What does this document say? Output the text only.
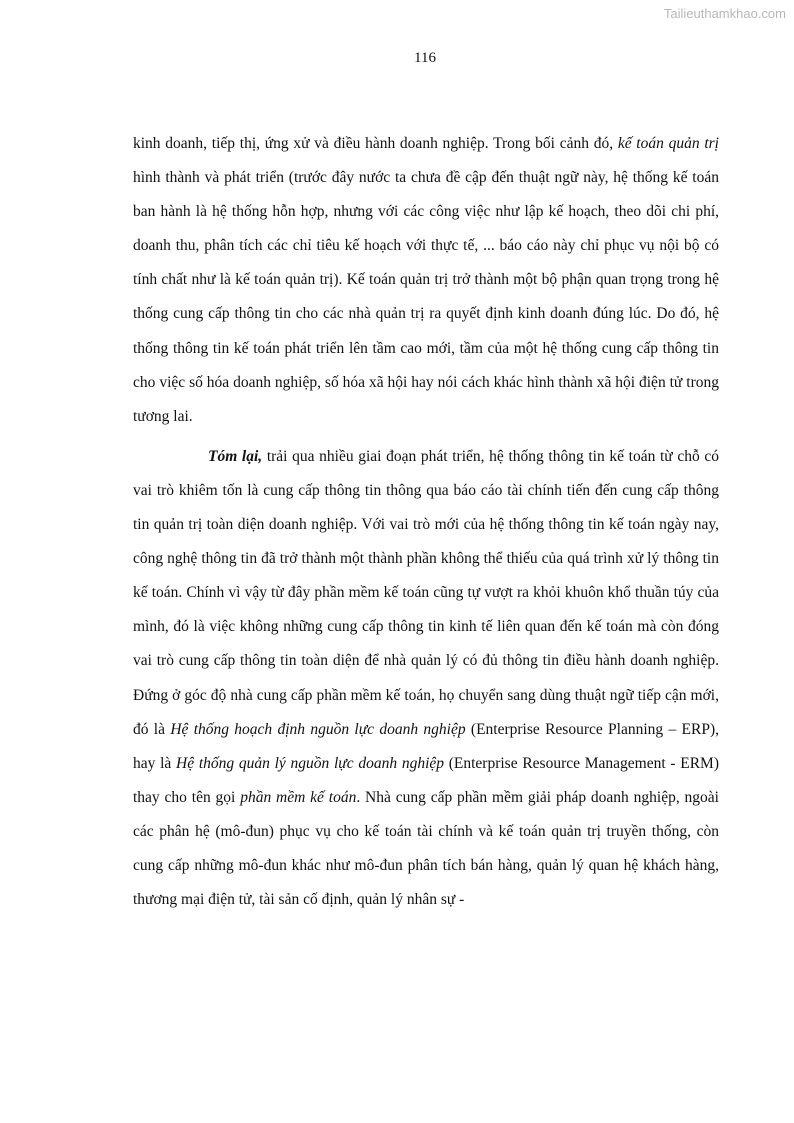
Tailieuthamkhao.com
116

kinh doanh, tiếp thị, ứng xử và điều hành doanh nghiệp. Trong bối cảnh đó, kế toán quản trị hình thành và phát triển (trước đây nước ta chưa đề cập đến thuật ngữ này, hệ thống kế toán ban hành là hệ thống hỗn hợp, nhưng với các công việc như lập kế hoạch, theo dõi chi phí, doanh thu, phân tích các chỉ tiêu kế hoạch với thực tế, ... báo cáo này chỉ phục vụ nội bộ có tính chất như là kế toán quản trị). Kế toán quản trị trở thành một bộ phận quan trọng trong hệ thống cung cấp thông tin cho các nhà quản trị ra quyết định kinh doanh đúng lúc. Do đó, hệ thống thông tin kế toán phát triển lên tầm cao mới, tầm của một hệ thống cung cấp thông tin cho việc số hóa doanh nghiệp, số hóa xã hội hay nói cách khác hình thành xã hội điện tử trong tương lai.

Tóm lại, trải qua nhiều giai đoạn phát triển, hệ thống thông tin kế toán từ chỗ có vai trò khiêm tốn là cung cấp thông tin thông qua báo cáo tài chính tiến đến cung cấp thông tin quản trị toàn diện doanh nghiệp. Với vai trò mới của hệ thống thông tin kế toán ngày nay, công nghệ thông tin đã trở thành một thành phần không thể thiếu của quá trình xử lý thông tin kế toán. Chính vì vậy từ đây phần mềm kế toán cũng tự vượt ra khỏi khuôn khổ thuần túy của mình, đó là việc không những cung cấp thông tin kinh tế liên quan đến kế toán mà còn đóng vai trò cung cấp thông tin toàn diện để nhà quản lý có đủ thông tin điều hành doanh nghiệp. Đứng ở góc độ nhà cung cấp phần mềm kế toán, họ chuyển sang dùng thuật ngữ tiếp cận mới, đó là Hệ thống hoạch định nguồn lực doanh nghiệp (Enterprise Resource Planning – ERP), hay là Hệ thống quản lý nguồn lực doanh nghiệp (Enterprise Resource Management - ERM) thay cho tên gọi phần mềm kế toán. Nhà cung cấp phần mềm giải pháp doanh nghiệp, ngoài các phân hệ (mô-đun) phục vụ cho kế toán tài chính và kế toán quản trị truyền thống, còn cung cấp những mô-đun khác như mô-đun phân tích bán hàng, quản lý quan hệ khách hàng, thương mại điện tử, tài sản cố định, quản lý nhân sự -
